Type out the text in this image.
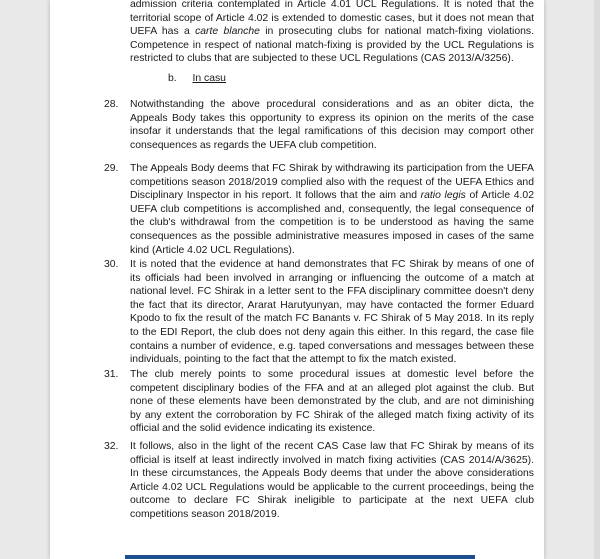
admission criteria contemplated in Article 4.01 UCL Regulations. It is noted that the territorial scope of Article 4.02 is extended to domestic cases, but it does not mean that UEFA has a carte blanche in prosecuting clubs for national match-fixing violations. Competence in respect of national match-fixing is provided by the UCL Regulations is restricted to clubs that are subjected to these UCL Regulations (CAS 2013/A/3256).
b. In casu
28. Notwithstanding the above procedural considerations and as an obiter dicta, the Appeals Body takes this opportunity to express its opinion on the merits of the case insofar it understands that the legal ramifications of this decision may comport other consequences as regards the UEFA club competition.
29. The Appeals Body deems that FC Shirak by withdrawing its participation from the UEFA competitions season 2018/2019 complied also with the request of the UEFA Ethics and Disciplinary Inspector in his report. It follows that the aim and ratio legis of Article 4.02 UEFA club competitions is accomplished and, consequently, the legal consequence of the club's withdrawal from the competition is to be understood as having the same consequences as the possible administrative measures imposed in cases of the same kind (Article 4.02 UCL Regulations).
30. It is noted that the evidence at hand demonstrates that FC Shirak by means of one of its officials had been involved in arranging or influencing the outcome of a match at national level. FC Shirak in a letter sent to the FFA disciplinary committee doesn't deny the fact that its director, Ararat Harutyunyan, may have contacted the former Eduard Kpodo to fix the result of the match FC Banants v. FC Shirak of 5 May 2018. In its reply to the EDI Report, the club does not deny again this either. In this regard, the case file contains a number of evidence, e.g. taped conversations and messages between these individuals, pointing to the fact that the attempt to fix the match existed.
31. The club merely points to some procedural issues at domestic level before the competent disciplinary bodies of the FFA and at an alleged plot against the club. But none of these elements have been demonstrated by the club, and are not diminishing by any extent the corroboration by FC Shirak of the alleged match fixing activity of its official and the solid evidence indicating its existence.
32. It follows, also in the light of the recent CAS Case law that FC Shirak by means of its official is itself at least indirectly involved in match fixing activities (CAS 2014/A/3625). In these circumstances, the Appeals Body deems that under the above considerations Article 4.02 UCL Regulations would be applicable to the current proceedings, being the outcome to declare FC Shirak ineligible to participate at the next UEFA club competitions season 2018/2019.
